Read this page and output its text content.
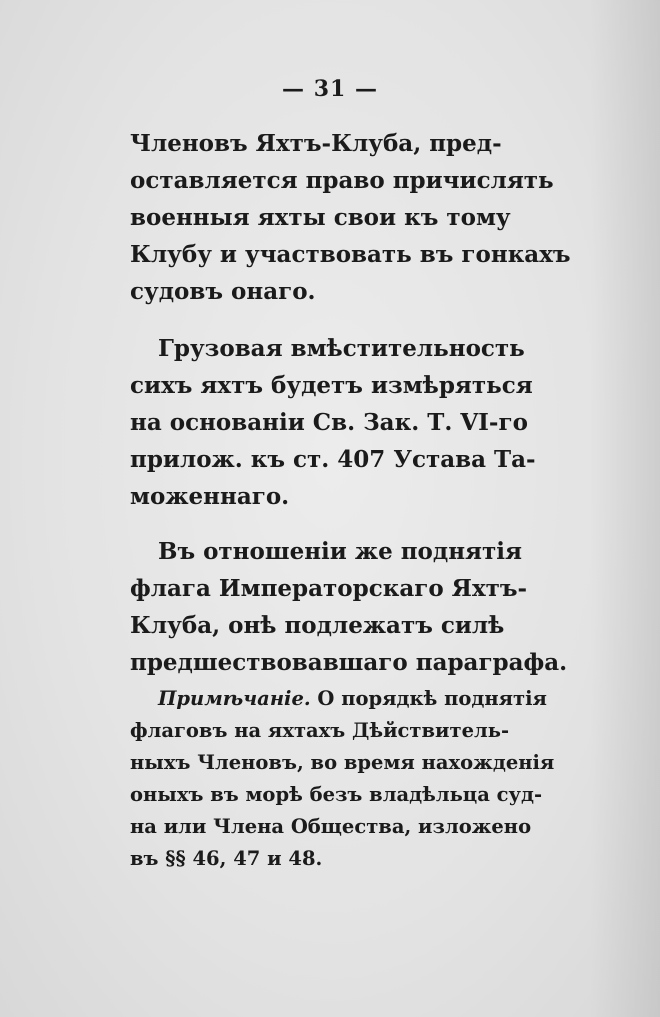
— 31 —
Членовъ Яхтъ-Клуба, пред-
оставляется право причислять
военныя яхты свои къ тому
Клубу и участвовать въ гонкахъ
судовъ онаго.
Грузовая вмѣстительность
сихъ яхтъ будетъ измѣряться
на основаніи Св. Зак. Т. VI-го
прилож. къ ст. 407 Устава Та-
моженнаго.
Въ отношеніи же поднятія
флага Императорскаго Яхтъ-
Клуба, онѣ подлежатъ силѣ
предшествовавшаго параграфа.
Примѣчаніе. О порядкѣ поднятія
флаговъ на яхтахъ Дѣйствитель-
ныхъ Членовъ, во время нахожденія
оныхъ въ морѣ безъ владѣльца суд-
на или Члена Общества, изложено
въ §§ 46, 47 и 48.
